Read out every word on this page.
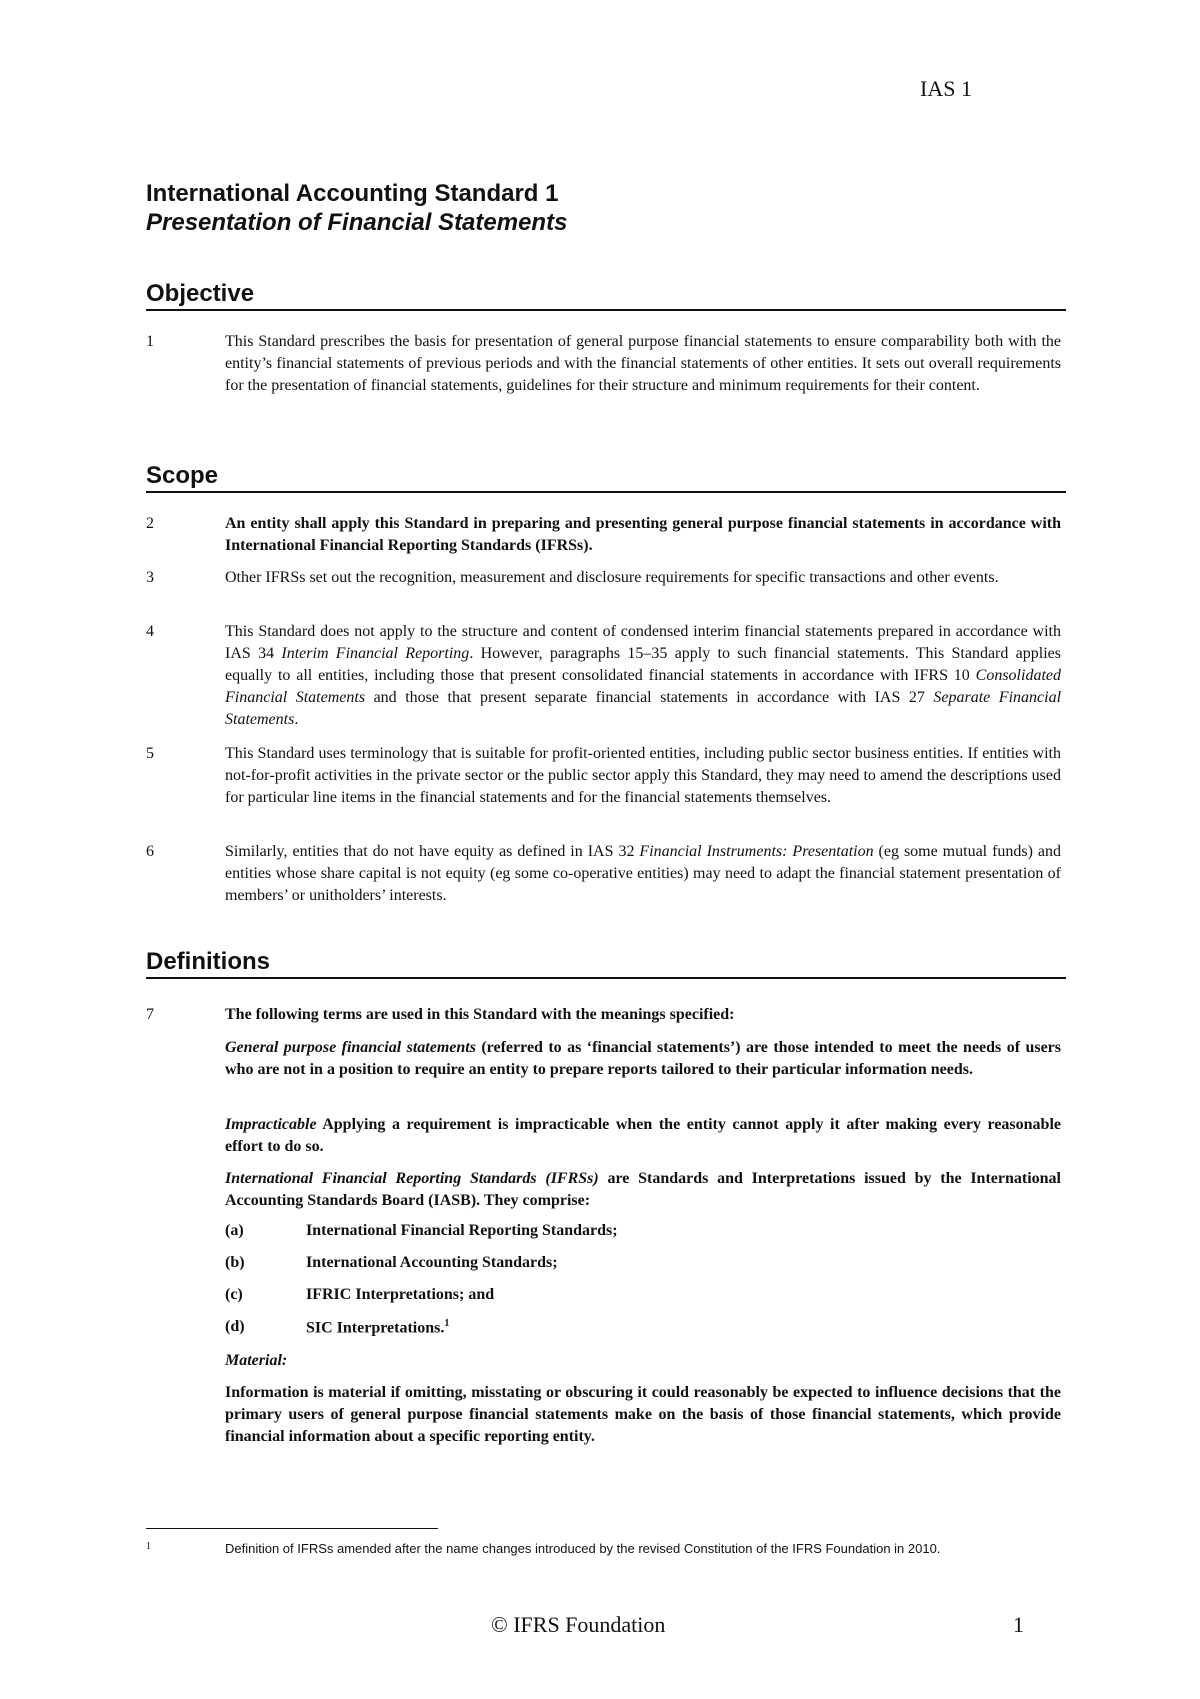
IAS 1
International Accounting Standard 1
Presentation of Financial Statements
Objective
1	This Standard prescribes the basis for presentation of general purpose financial statements to ensure comparability both with the entity’s financial statements of previous periods and with the financial statements of other entities. It sets out overall requirements for the presentation of financial statements, guidelines for their structure and minimum requirements for their content.
Scope
2	An entity shall apply this Standard in preparing and presenting general purpose financial statements in accordance with International Financial Reporting Standards (IFRSs).
3	Other IFRSs set out the recognition, measurement and disclosure requirements for specific transactions and other events.
4	This Standard does not apply to the structure and content of condensed interim financial statements prepared in accordance with IAS 34 Interim Financial Reporting. However, paragraphs 15–35 apply to such financial statements. This Standard applies equally to all entities, including those that present consolidated financial statements in accordance with IFRS 10 Consolidated Financial Statements and those that present separate financial statements in accordance with IAS 27 Separate Financial Statements.
5	This Standard uses terminology that is suitable for profit‑oriented entities, including public sector business entities. If entities with not‑for‑profit activities in the private sector or the public sector apply this Standard, they may need to amend the descriptions used for particular line items in the financial statements and for the financial statements themselves.
6	Similarly, entities that do not have equity as defined in IAS 32 Financial Instruments: Presentation (eg some mutual funds) and entities whose share capital is not equity (eg some co‑operative entities) may need to adapt the financial statement presentation of members’ or unitholders’ interests.
Definitions
7	The following terms are used in this Standard with the meanings specified:
General purpose financial statements (referred to as ‘financial statements’) are those intended to meet the needs of users who are not in a position to require an entity to prepare reports tailored to their particular information needs.
Impracticable Applying a requirement is impracticable when the entity cannot apply it after making every reasonable effort to do so.
International Financial Reporting Standards (IFRSs) are Standards and Interpretations issued by the International Accounting Standards Board (IASB). They comprise:
(a)	International Financial Reporting Standards;
(b)	International Accounting Standards;
(c)	IFRIC Interpretations; and
(d)	SIC Interpretations.$^1$
Material:
Information is material if omitting, misstating or obscuring it could reasonably be expected to influence decisions that the primary users of general purpose financial statements make on the basis of those financial statements, which provide financial information about a specific reporting entity.
1	Definition of IFRSs amended after the name changes introduced by the revised Constitution of the IFRS Foundation in 2010.
© IFRS Foundation	1
